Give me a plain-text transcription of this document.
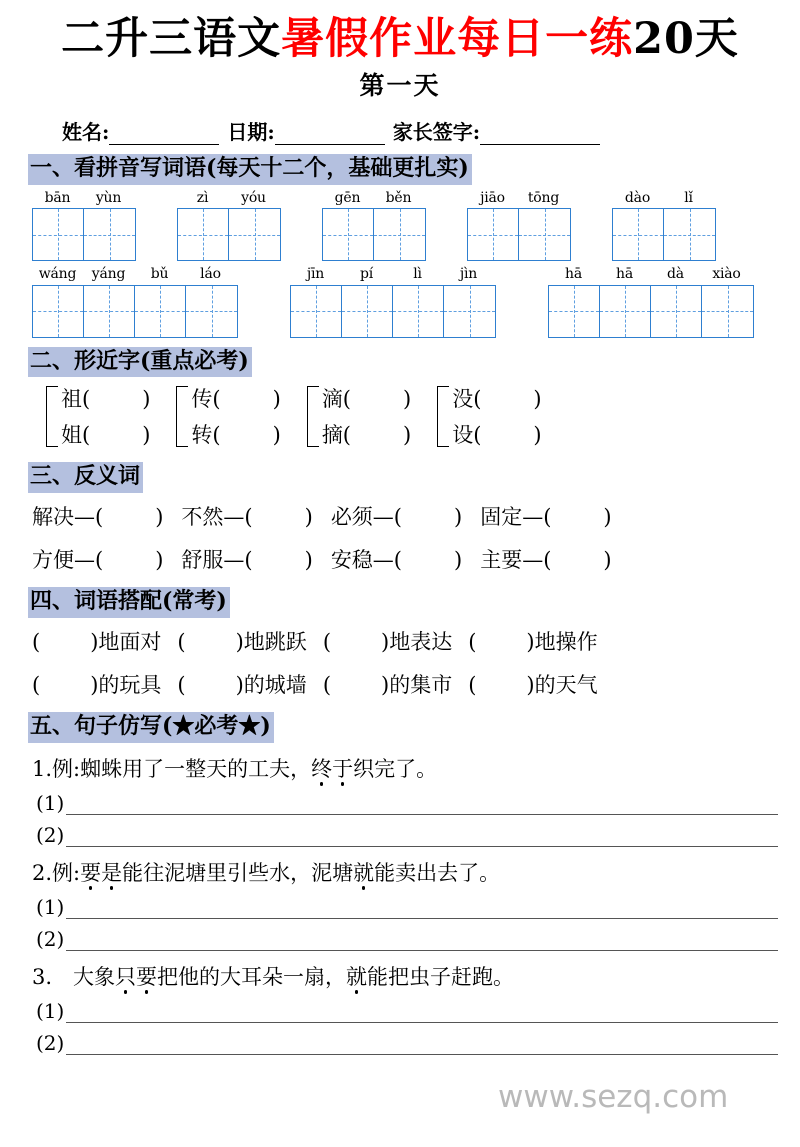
二升三语文暑假作业每日一练20天
第一天
姓名:	日期:	家长签字:
一、看拼音写词语(每天十二个，基础更扎实)
bān	yùn	zì	yóu	gēn	běn	jiāo	tōng	dào	lǐ
wáng	yáng	bǔ	láo	jīn	pí	lì	jìn	hā	hā	dà	xiào
二、形近字(重点必考)
祖( )
姐( )
传( )
转( )
滴( )
摘( )
没( )
设( )
三、反义词
解决—( ) 不然—( ) 必须—( ) 固定—( )
方便—( ) 舒服—( ) 安稳—( ) 主要—( )
四、词语搭配(常考)
( )地面对 ( )地跳跃 ( )地表达 ( )地操作
( )的玩具 ( )的城墙 ( )的集市 ( )的天气
五、句子仿写(★必考★)
1.例:蜘蛛用了一整天的工夫，终于织完了。
(1)
(2)
2.例:要是能往泥塘里引些水，泥塘就能卖出去了。
(1)
(2)
3.　大象只要把他的大耳朵一扇，就能把虫子赶跑。
(1)
(2)
www.sezq.com
